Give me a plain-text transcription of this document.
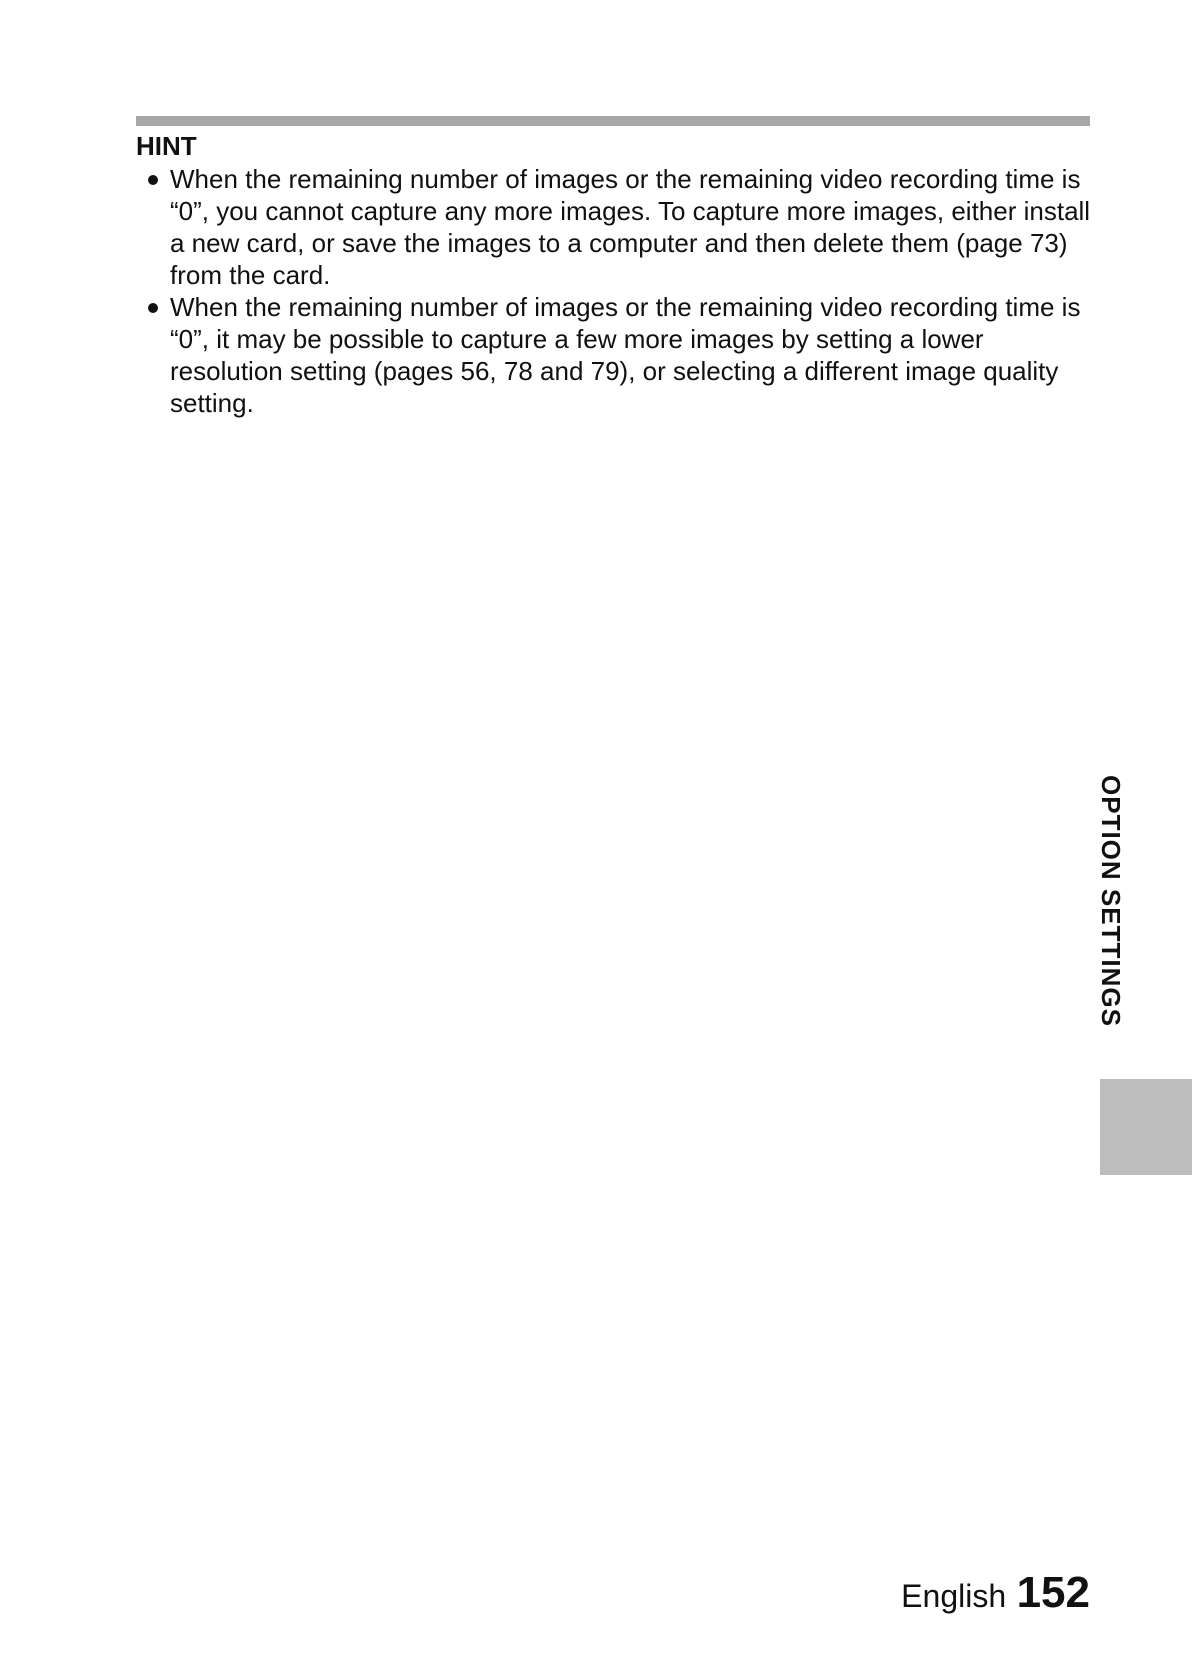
HINT
When the remaining number of images or the remaining video recording time is “0”, you cannot capture any more images. To capture more images, either install a new card, or save the images to a computer and then delete them (page 73) from the card.
When the remaining number of images or the remaining video recording time is “0”, it may be possible to capture a few more images by setting a lower resolution setting (pages 56, 78 and 79), or selecting a different image quality setting.
OPTION SETTINGS
English 152
